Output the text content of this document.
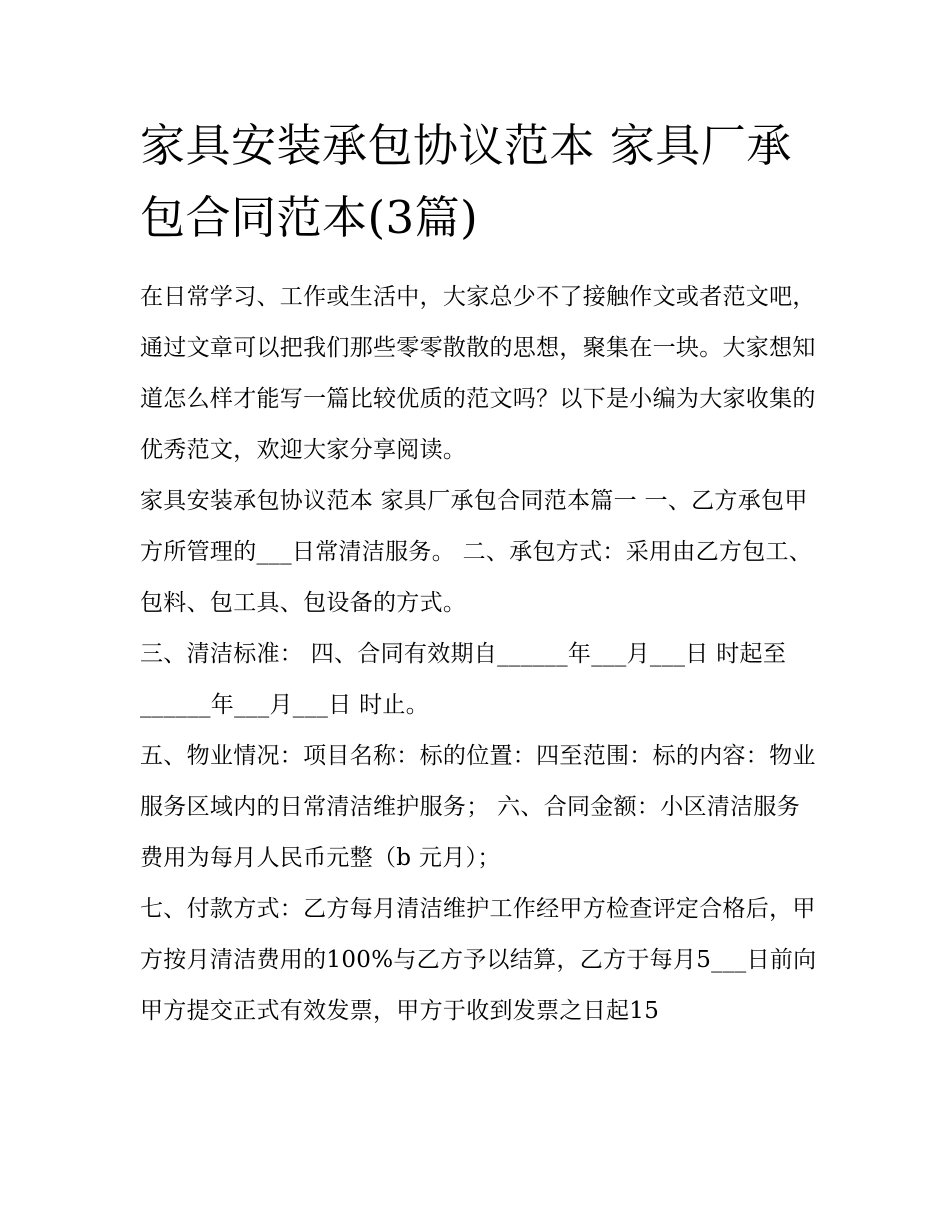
家具安装承包协议范本 家具厂承包合同范本(3篇)

在日常学习、工作或生活中，大家总少不了接触作文或者范文吧，通过文章可以把我们那些零零散散的思想，聚集在一块。大家想知道怎么样才能写一篇比较优质的范文吗？以下是小编为大家收集的优秀范文，欢迎大家分享阅读。

家具安装承包协议范本 家具厂承包合同范本篇一 一、乙方承包甲方所管理的___日常清洁服务。 二、承包方式：采用由乙方包工、包料、包工具、包设备的方式。

三、清洁标准： 四、合同有效期自______年___月___日 时起至______年___月___日 时止。

五、物业情况：项目名称：标的位置：四至范围：标的内容：物业服务区域内的日常清洁维护服务； 六、合同金额：小区清洁服务费用为每月人民币元整（b 元月）；

七、付款方式：乙方每月清洁维护工作经甲方检查评定合格后，甲方按月清洁费用的100%与乙方予以结算，乙方于每月5___日前向甲方提交正式有效发票，甲方于收到发票之日起15
